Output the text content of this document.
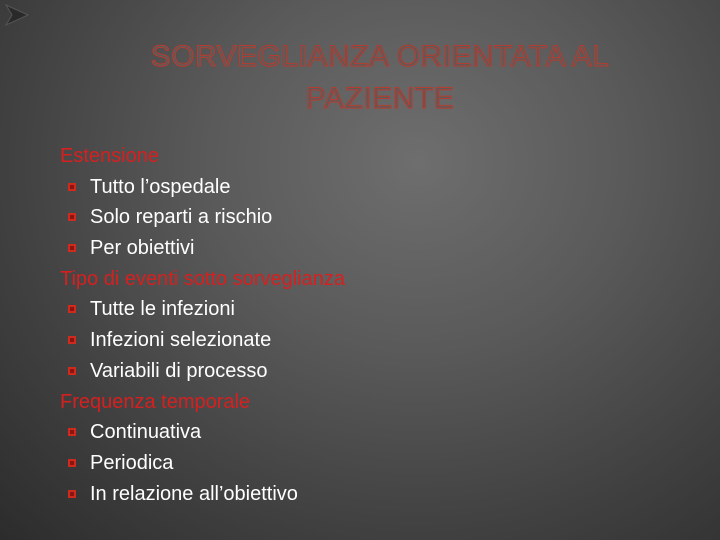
SORVEGLIANZA ORIENTATA AL
PAZIENTE
Estensione
Tutto l’ospedale
Solo reparti a rischio
Per obiettivi
Tipo di eventi sotto sorveglianza
Tutte le infezioni
Infezioni selezionate
Variabili di processo
Frequenza temporale
Continuativa
Periodica
In relazione all’obiettivo
